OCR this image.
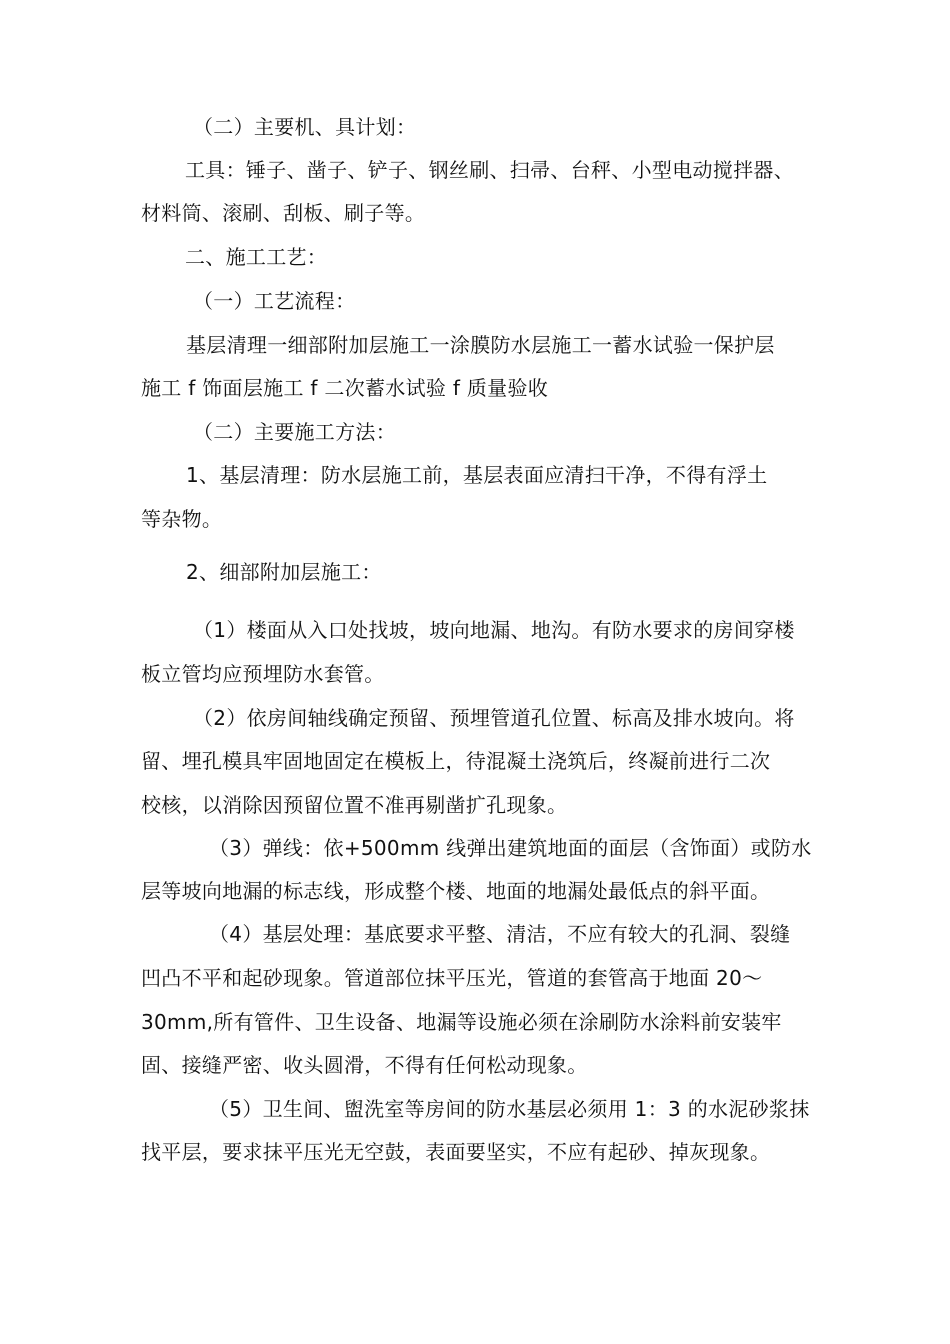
（二）主要机、具计划：
工具：锤子、凿子、铲子、钢丝刷、扫帚、台秤、小型电动搅拌器、
材料筒、滚刷、刮板、刷子等。
二、施工工艺：
（一）工艺流程：
基层清理一细部附加层施工一涂膜防水层施工一蓄水试验一保护层
施工 f 饰面层施工 f 二次蓄水试验 f 质量验收
（二）主要施工方法：
1、基层清理：防水层施工前，基层表面应清扫干净，不得有浮土
等杂物。
2、细部附加层施工：
（1）楼面从入口处找坡，坡向地漏、地沟。有防水要求的房间穿楼
板立管均应预埋防水套管。
（2）依房间轴线确定预留、预埋管道孔位置、标高及排水坡向。将
留、埋孔模具牢固地固定在模板上，待混凝土浇筑后，终凝前进行二次
校核，以消除因预留位置不准再剔凿扩孔现象。
（3）弹线：依+500mm 线弹出建筑地面的面层（含饰面）或防水
层等坡向地漏的标志线，形成整个楼、地面的地漏处最低点的斜平面。
（4）基层处理：基底要求平整、清洁，不应有较大的孔洞、裂缝
凹凸不平和起砂现象。管道部位抹平压光，管道的套管高于地面 20～
30mm,所有管件、卫生设备、地漏等设施必须在涂刷防水涂料前安装牢
固、接缝严密、收头圆滑，不得有任何松动现象。
（5）卫生间、盥洗室等房间的防水基层必须用 1：3 的水泥砂浆抹
找平层，要求抹平压光无空鼓，表面要坚实，不应有起砂、掉灰现象。
